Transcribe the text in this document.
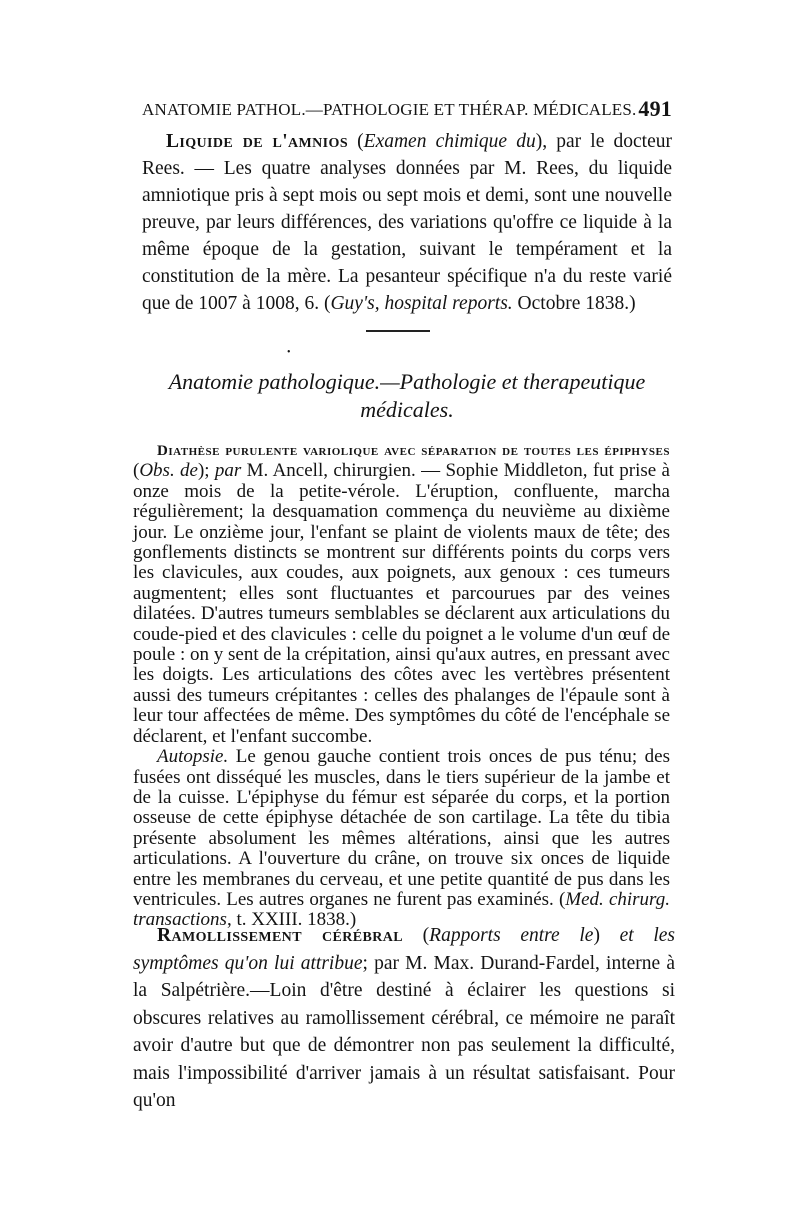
ANATOMIE PATHOL.—PATHOLOGIE ET THÉRAP. MÉDICALES. 491

Liquide de l'amnios (Examen chimique du), par le docteur Rees. — Les quatre analyses données par M. Rees, du liquide amniotique pris à sept mois ou sept mois et demi, sont une nouvelle preuve, par leurs différences, des variations qu'offre ce liquide à la même époque de la gestation, suivant le tempérament et la constitution de la mère. La pesanteur spécifique n'a du reste varié que de 1007 à 1008, 6. (Guy's, hospital reports. Octobre 1838.)

•
Anatomie pathologique.—Pathologie et therapeutique
médicales.

Diathèse purulente variolique avec séparation de toutes les épiphyses (Obs. de); par M. Ancell, chirurgien. — Sophie Middleton, fut prise à onze mois de la petite-vérole. L'éruption, confluente, marcha régulièrement; la desquamation commença du neuvième au dixième jour. Le onzième jour, l'enfant se plaint de violents maux de tête; des gonflements distincts se montrent sur différents points du corps vers les clavicules, aux coudes, aux poignets, aux genoux : ces tumeurs augmentent; elles sont fluctuantes et parcourues par des veines dilatées. D'autres tumeurs semblables se déclarent aux articulations du coude-pied et des clavicules : celle du poignet a le volume d'un œuf de poule : on y sent de la crépitation, ainsi qu'aux autres, en pressant avec les doigts. Les articulations des côtes avec les vertèbres présentent aussi des tumeurs crépitantes : celles des phalanges de l'épaule sont à leur tour affectées de même. Des symptômes du côté de l'encéphale se déclarent, et l'enfant succombe.

Autopsie. Le genou gauche contient trois onces de pus ténu; des fusées ont disséqué les muscles, dans le tiers supérieur de la jambe et de la cuisse. L'épiphyse du fémur est séparée du corps, et la portion osseuse de cette épiphyse détachée de son cartilage. La tête du tibia présente absolument les mêmes altérations, ainsi que les autres articulations. A l'ouverture du crâne, on trouve six onces de liquide entre les membranes du cerveau, et une petite quantité de pus dans les ventricules. Les autres organes ne furent pas examinés. (Med. chirurg. transactions, t. XXIII. 1838.)

Ramollissement cérébral (Rapports entre le) et les symptômes qu'on lui attribue; par M. Max. Durand-Fardel, interne à la Salpétrière.—Loin d'être destiné à éclairer les questions si obscures relatives au ramollissement cérébral, ce mémoire ne paraît avoir d'autre but que de démontrer non pas seulement la difficulté, mais l'impossibilité d'arriver jamais à un résultat satisfaisant. Pour qu'on
